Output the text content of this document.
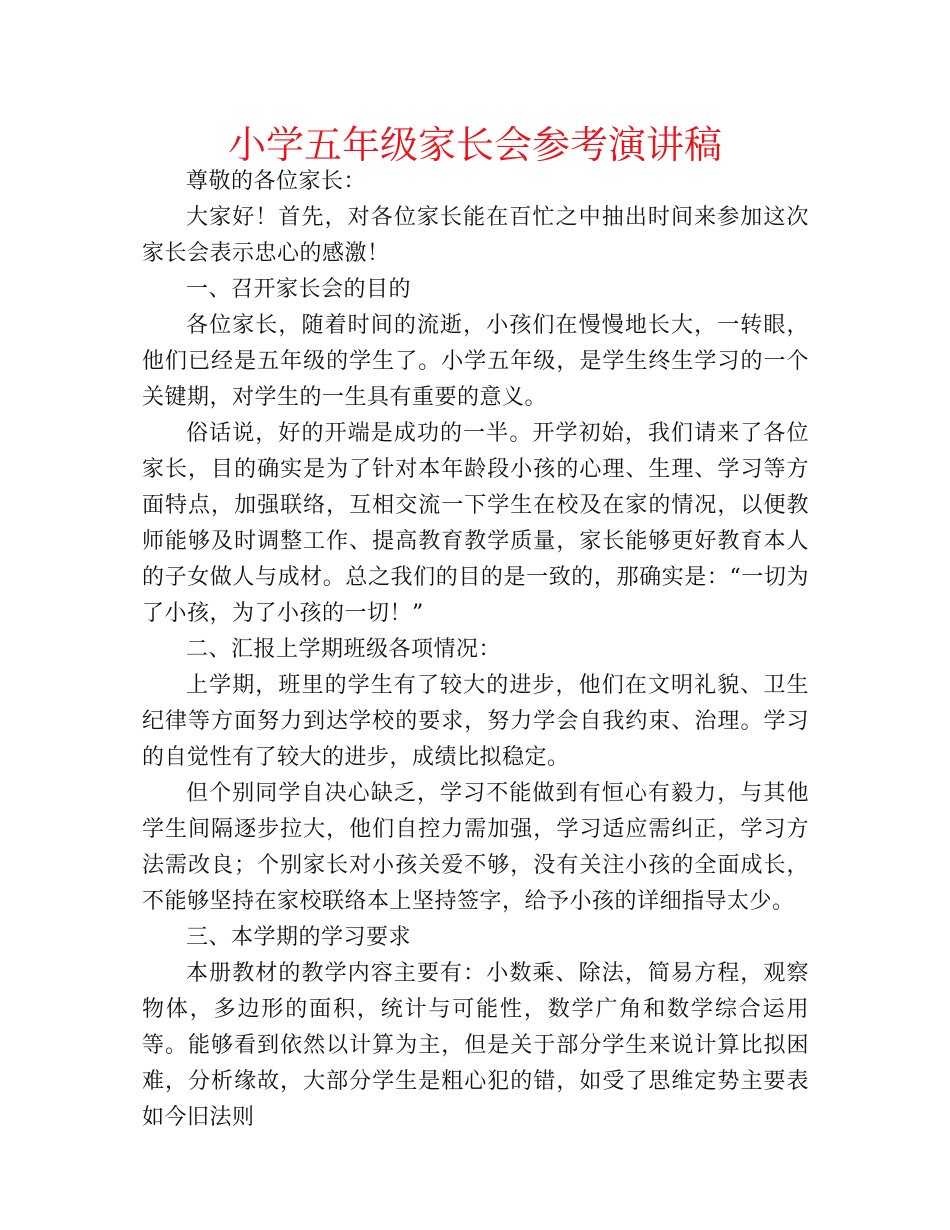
小学五年级家长会参考演讲稿

尊敬的各位家长：

大家好！首先，对各位家长能在百忙之中抽出时间来参加这次家长会表示忠心的感激！

一、召开家长会的目的

各位家长，随着时间的流逝，小孩们在慢慢地长大，一转眼，他们已经是五年级的学生了。小学五年级，是学生终生学习的一个关键期，对学生的一生具有重要的意义。

俗话说，好的开端是成功的一半。开学初始，我们请来了各位家长，目的确实是为了针对本年龄段小孩的心理、生理、学习等方面特点，加强联络，互相交流一下学生在校及在家的情况，以便教师能够及时调整工作、提高教育教学质量，家长能够更好教育本人的子女做人与成材。总之我们的目的是一致的，那确实是：“一切为了小孩，为了小孩的一切！”

二、汇报上学期班级各项情况：

上学期，班里的学生有了较大的进步，他们在文明礼貌、卫生纪律等方面努力到达学校的要求，努力学会自我约束、治理。学习的自觉性有了较大的进步，成绩比拟稳定。

但个别同学自决心缺乏，学习不能做到有恒心有毅力，与其他学生间隔逐步拉大，他们自控力需加强，学习适应需纠正，学习方法需改良；个别家长对小孩关爱不够，没有关注小孩的全面成长，不能够坚持在家校联络本上坚持签字，给予小孩的详细指导太少。

三、本学期的学习要求

本册教材的教学内容主要有：小数乘、除法，简易方程，观察物体，多边形的面积，统计与可能性，数学广角和数学综合运用等。能够看到依然以计算为主，但是关于部分学生来说计算比拟困难，分析缘故，大部分学生是粗心犯的错，如受了思维定势主要表如今旧法则
